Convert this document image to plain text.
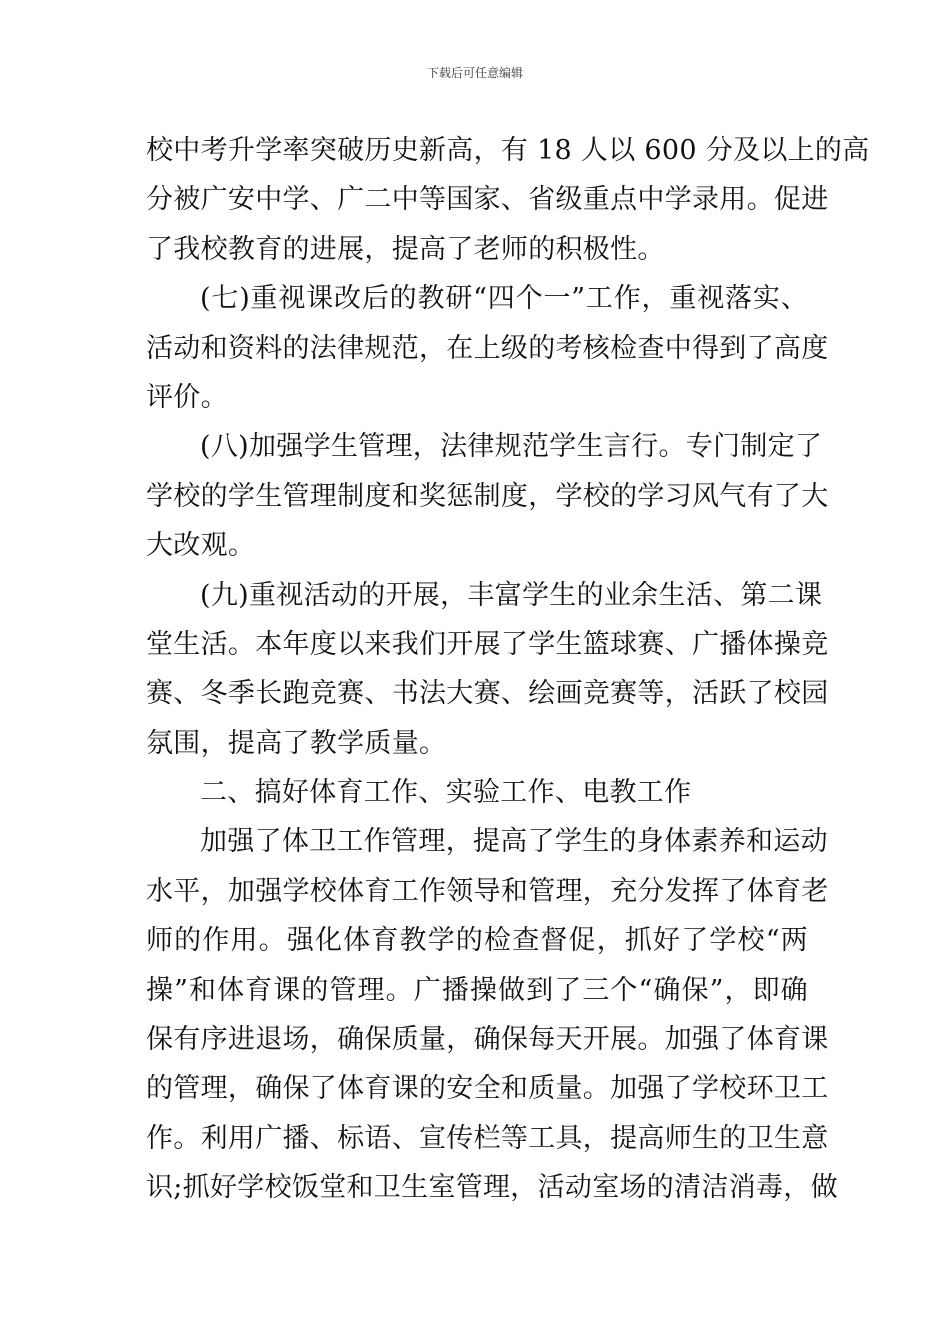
下载后可任意编辑
校中考升学率突破历史新高，有 18 人以 600 分及以上的高
分被广安中学、广二中等国家、省级重点中学录用。促进
了我校教育的进展，提高了老师的积极性。
(七)重视课改后的教研“四个一”工作，重视落实、
活动和资料的法律规范，在上级的考核检查中得到了高度
评价。
(八)加强学生管理，法律规范学生言行。专门制定了
学校的学生管理制度和奖惩制度，学校的学习风气有了大
大改观。
(九)重视活动的开展，丰富学生的业余生活、第二课
堂生活。本年度以来我们开展了学生篮球赛、广播体操竞
赛、冬季长跑竞赛、书法大赛、绘画竞赛等，活跃了校园
氛围，提高了教学质量。
二、搞好体育工作、实验工作、电教工作
加强了体卫工作管理，提高了学生的身体素养和运动
水平，加强学校体育工作领导和管理，充分发挥了体育老
师的作用。强化体育教学的检查督促，抓好了学校“两
操”和体育课的管理。广播操做到了三个“确保”，即确
保有序进退场，确保质量，确保每天开展。加强了体育课
的管理，确保了体育课的安全和质量。加强了学校环卫工
作。利用广播、标语、宣传栏等工具，提高师生的卫生意
识;抓好学校饭堂和卫生室管理，活动室场的清洁消毒，做
